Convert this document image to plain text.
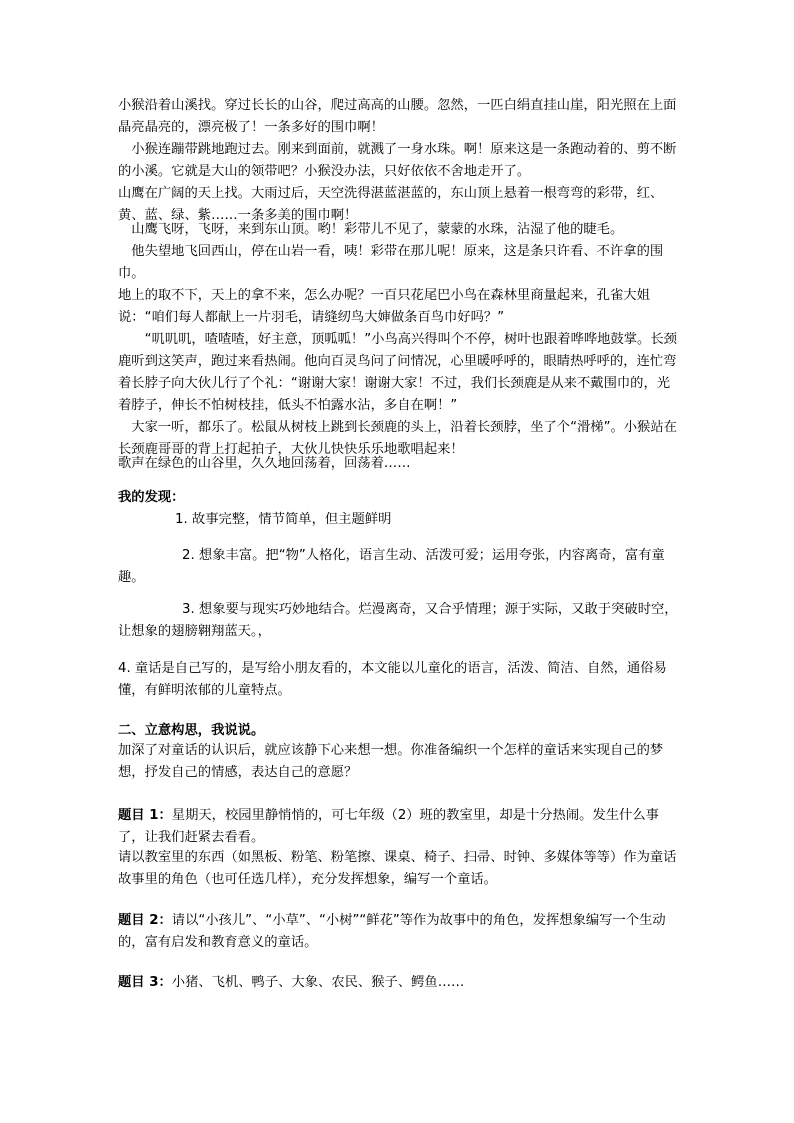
小猴沿着山溪找。穿过长长的山谷，爬过高高的山腰。忽然，一匹白绢直挂山崖，阳光照在上面晶亮晶亮的，漂亮极了！一条多好的围巾啊！

　小猴连蹦带跳地跑过去。刚来到面前，就溅了一身水珠。啊！原来这是一条跑动着的、剪不断的小溪。它就是大山的领带吧？小猴没办法，只好依依不舍地走开了。

山鹰在广阔的天上找。大雨过后，天空洗得湛蓝湛蓝的，东山顶上悬着一根弯弯的彩带，红、黄、蓝、绿、紫……一条多美的围巾啊！

　山鹰飞呀，飞呀，来到东山顶。哟！彩带儿不见了，蒙蒙的水珠，沾湿了他的睫毛。

　他失望地飞回西山，停在山岩一看，咦！彩带在那儿呢！原来，这是条只许看、不许拿的围巾。

地上的取不下，天上的拿不来，怎么办呢？一百只花尾巴小鸟在森林里商量起来，孔雀大姐说：“咱们每人都献上一片羽毛，请缝纫鸟大婶做条百鸟巾好吗？”

　　“叽叽叽，喳喳喳，好主意，顶呱呱！”小鸟高兴得叫个不停，树叶也跟着哗哗地鼓掌。长颈鹿听到这笑声，跑过来看热闹。他向百灵鸟问了问情况，心里暖呼呼的，眼睛热呼呼的，连忙弯着长脖子向大伙儿行了个礼：“谢谢大家！谢谢大家！不过，我们长颈鹿是从来不戴围巾的，光着脖子，伸长不怕树枝挂，低头不怕露水沾，多自在啊！”

　大家一听，都乐了。松鼠从树枝上跳到长颈鹿的头上，沿着长颈脖，坐了个“滑梯”。小猴站在长颈鹿哥哥的背上打起拍子，大伙儿快快乐乐地歌唱起来！

歌声在绿色的山谷里，久久地回荡着，回荡着……

我的发现：

1. 故事完整，情节简单，但主题鲜明

2. 想象丰富。把“物”人格化，语言生动、活泼可爱；运用夸张，内容离奇，富有童趣。

3. 想象要与现实巧妙地结合。烂漫离奇，又合乎情理；源于实际，又敢于突破时空，让想象的翅膀翱翔蓝天。，

4. 童话是自己写的，是写给小朋友看的，本文能以儿童化的语言，活泼、简洁、自然，通俗易懂，有鲜明浓郁的儿童特点。

二、立意构思，我说说。

加深了对童话的认识后，就应该静下心来想一想。你准备编织一个怎样的童话来实现自己的梦想，抒发自己的情感，表达自己的意愿？

题目 1：星期天，校园里静悄悄的，可七年级（2）班的教室里，却是十分热闹。发生什么事了，让我们赶紧去看看。

请以教室里的东西（如黑板、粉笔、粉笔擦、课桌、椅子、扫帚、时钟、多媒体等等）作为童话故事里的角色（也可任选几样），充分发挥想象，编写一个童话。

题目 2：请以“小孩儿”、“小草”、“小树”“鲜花”等作为故事中的角色，发挥想象编写一个生动的，富有启发和教育意义的童话。

题目 3：小猪、飞机、鸭子、大象、农民、猴子、鳄鱼……
